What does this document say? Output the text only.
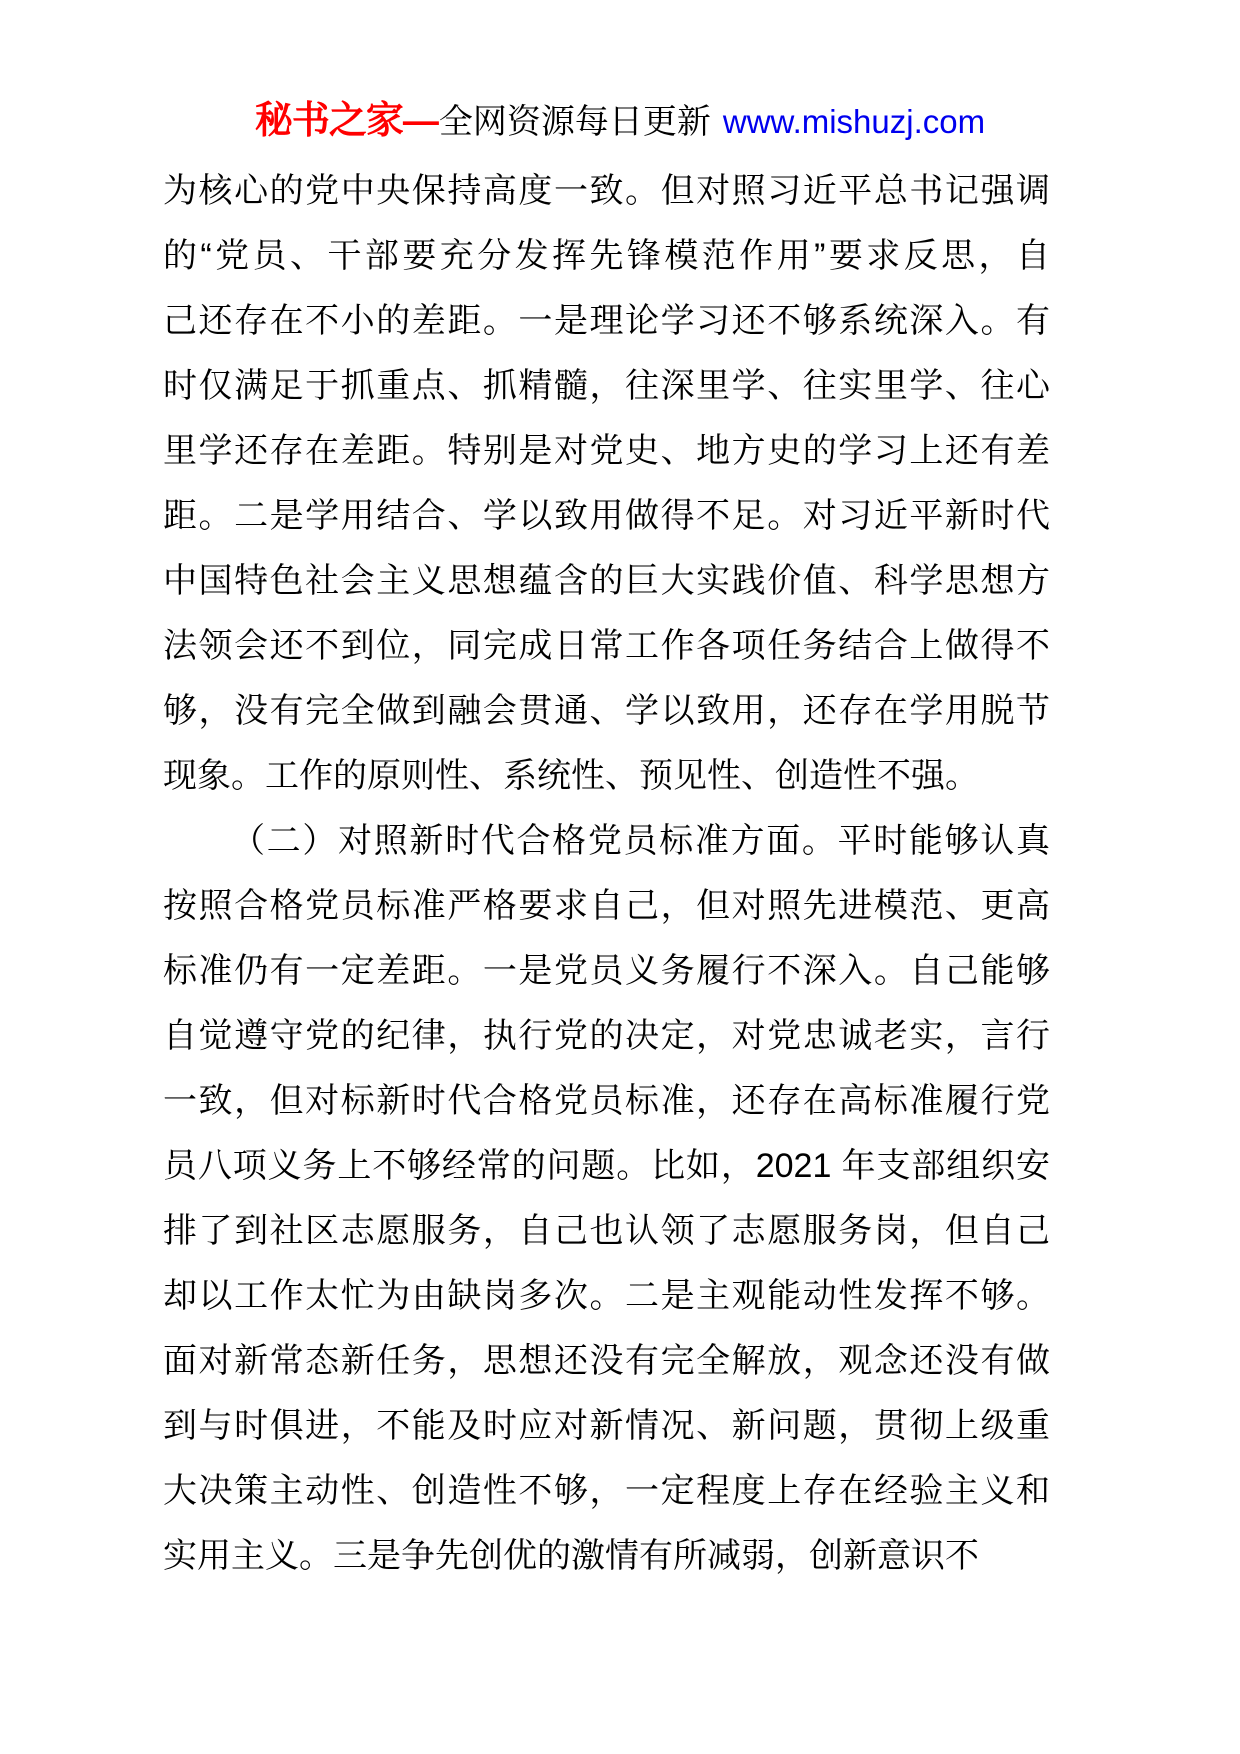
秘书之家—全网资源每日更新 www.mishuzj.com
为核心的党中央保持高度一致。但对照习近平总书记强调
的“党员、干部要充分发挥先锋模范作用”要求反思，自
己还存在不小的差距。一是理论学习还不够系统深入。有
时仅满足于抓重点、抓精髓，往深里学、往实里学、往心
里学还存在差距。特别是对党史、地方史的学习上还有差
距。二是学用结合、学以致用做得不足。对习近平新时代
中国特色社会主义思想蕴含的巨大实践价值、科学思想方
法领会还不到位，同完成日常工作各项任务结合上做得不
够，没有完全做到融会贯通、学以致用，还存在学用脱节
现象。工作的原则性、系统性、预见性、创造性不强。
（二）对照新时代合格党员标准方面。平时能够认真
按照合格党员标准严格要求自己，但对照先进模范、更高
标准仍有一定差距。一是党员义务履行不深入。自己能够
自觉遵守党的纪律，执行党的决定，对党忠诚老实，言行
一致，但对标新时代合格党员标准，还存在高标准履行党
员八项义务上不够经常的问题。比如，2021 年支部组织安
排了到社区志愿服务，自己也认领了志愿服务岗，但自己
却以工作太忙为由缺岗多次。二是主观能动性发挥不够。
面对新常态新任务，思想还没有完全解放，观念还没有做
到与时俱进，不能及时应对新情况、新问题，贯彻上级重
大决策主动性、创造性不够，一定程度上存在经验主义和
实用主义。三是争先创优的激情有所减弱，创新意识不
